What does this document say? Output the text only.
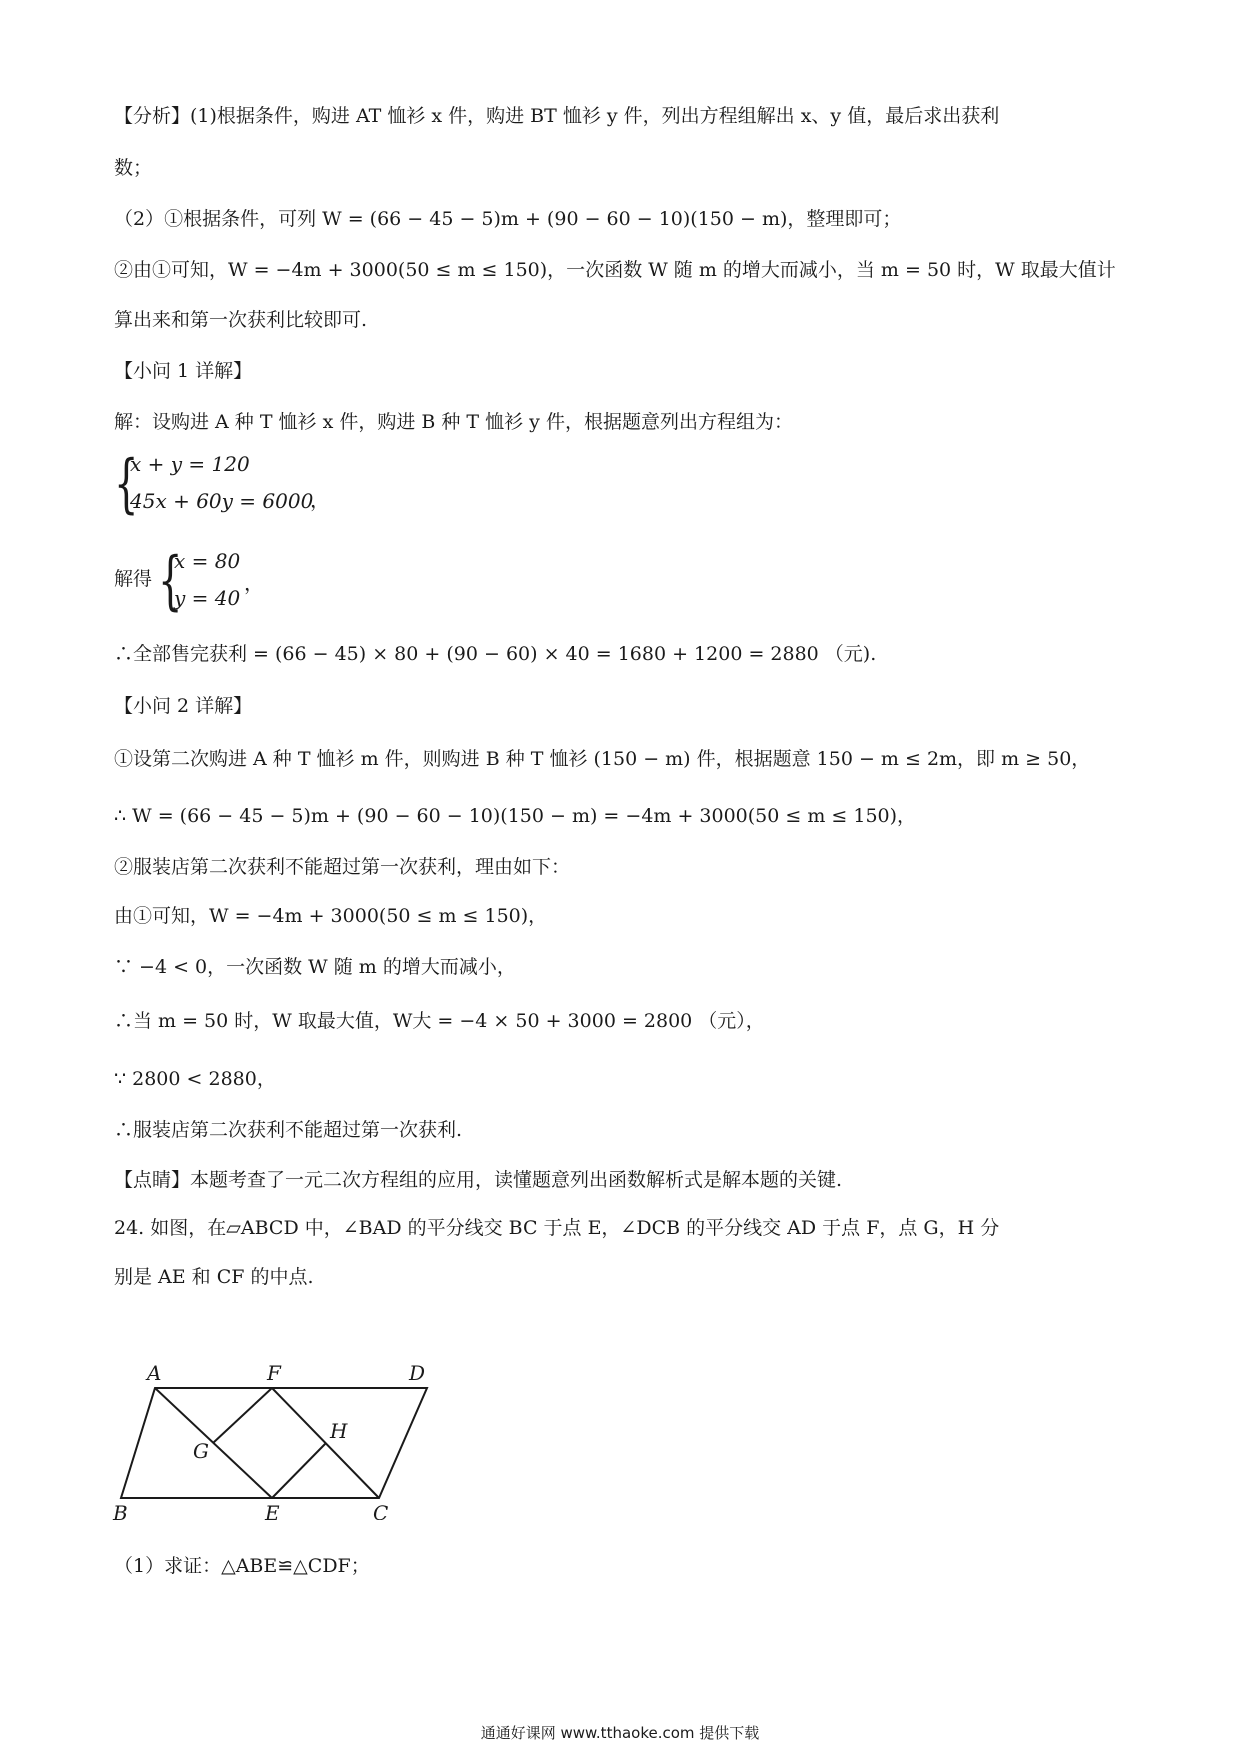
【分析】(1)根据条件，购进 AT 恤衫 x 件，购进 BT 恤衫 y 件，列出方程组解出 x、y 值，最后求出获利
数；
（2）①根据条件，可列 W = (66 − 45 − 5)m + (90 − 60 − 10)(150 − m)，整理即可；
②由①可知，W = −4m + 3000(50 ≤ m ≤ 150)，一次函数 W 随 m 的增大而减小，当 m = 50 时，W 取最大值计
算出来和第一次获利比较即可.
【小问 1 详解】
解：设购进 A 种 T 恤衫 x 件，购进 B 种 T 恤衫 y 件，根据题意列出方程组为：
{
x + y = 120
45x + 60y = 6000
，
解得 {
x = 80
y = 40
，
∴全部售完获利 = (66 − 45) × 80 + (90 − 60) × 40 = 1680 + 1200 = 2880 （元).
【小问 2 详解】
①设第二次购进 A 种 T 恤衫 m 件，则购进 B 种 T 恤衫 (150 − m) 件，根据题意 150 − m ≤ 2m，即 m ≥ 50，
∴ W = (66 − 45 − 5)m + (90 − 60 − 10)(150 − m) = −4m + 3000(50 ≤ m ≤ 150)，
②服装店第二次获利不能超过第一次获利，理由如下：
由①可知，W = −4m + 3000(50 ≤ m ≤ 150)，
∵ −4 < 0，一次函数 W 随 m 的增大而减小，
∴当 m = 50 时，W 取最大值，W大 = −4 × 50 + 3000 = 2800 （元），
∵ 2800 < 2880，
∴服装店第二次获利不能超过第一次获利.
【点睛】本题考查了一元二次方程组的应用，读懂题意列出函数解析式是解本题的关键.
24. 如图，在▱ABCD 中，∠BAD 的平分线交 BC 于点 E，∠DCB 的平分线交 AD 于点 F，点 G，H 分
别是 AE 和 CF 的中点.
A	F	D
G
H
B	E	C
（1）求证：△ABE≌△CDF；
通通好课网 www.tthaoke.com 提供下载
